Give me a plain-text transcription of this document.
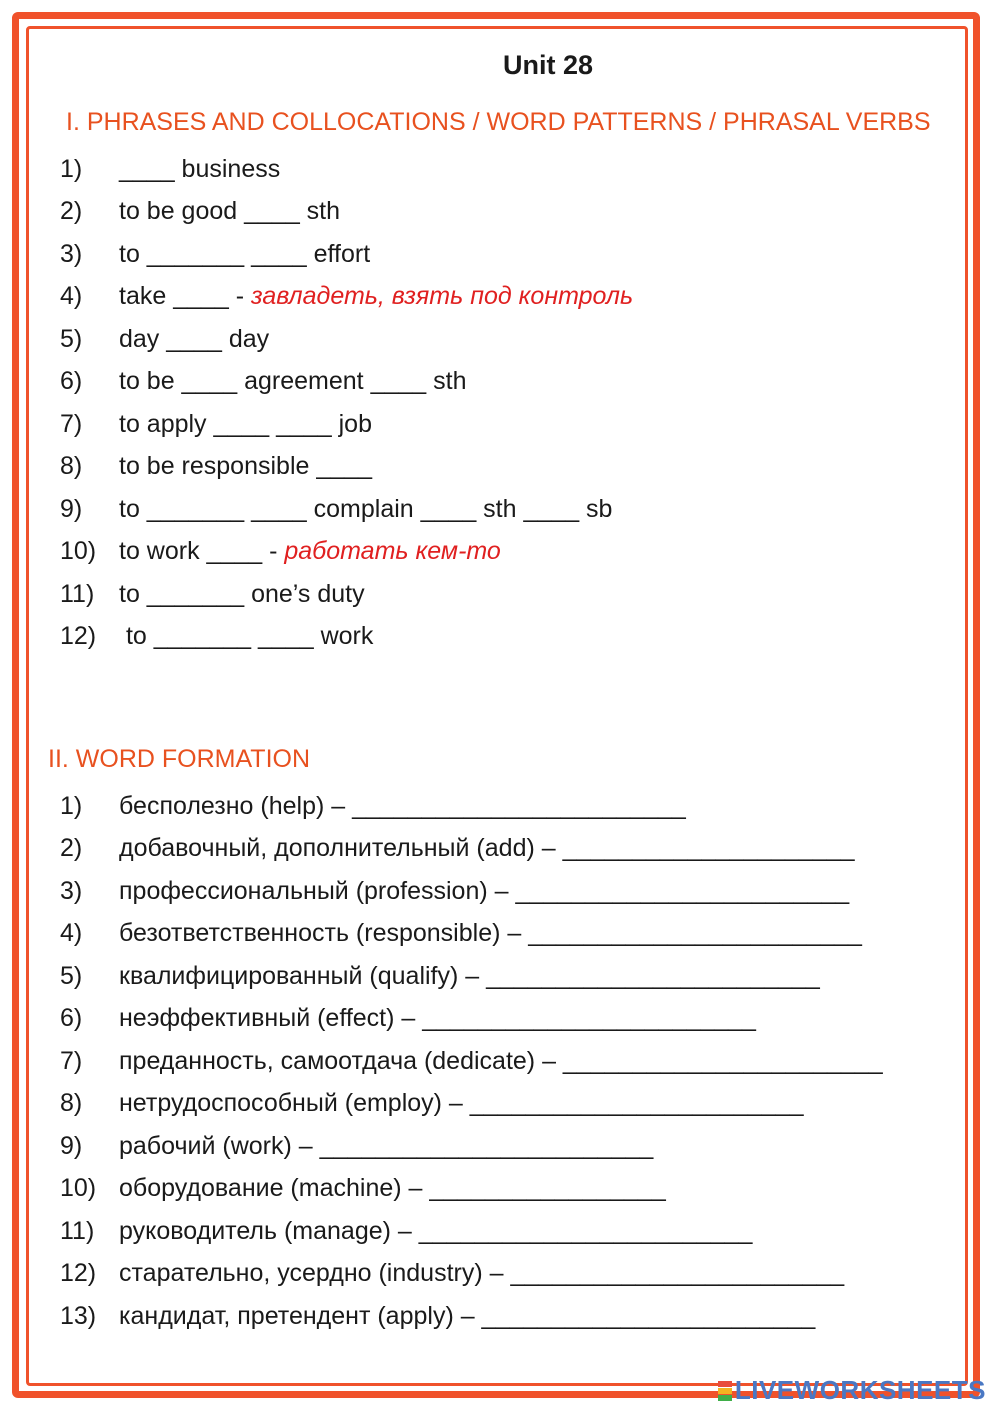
Unit 28
I. PHRASES AND COLLOCATIONS / WORD PATTERNS / PHRASAL VERBS
1)	____ business
2)	to be good ____ sth
3)	to _______ ____ effort
4)	take ____ - завладеть, взять под контроль
5)	day ____ day
6)	to be ____ agreement ____ sth
7)	to apply ____ ____ job
8)	to be responsible ____
9)	to _______ ____ complain ____ sth ____ sb
10) to work ____ - работать кем-то
11) to _______ one’s duty
12) to _______ ____ work
II. WORD FORMATION
1)	бесполезно (help) – ________________________
2)	добавочный, дополнительный (add) – _____________________
3)	профессиональный (profession) – ________________________
4)	безответственность (responsible) – ________________________
5)	квалифицированный (qualify) – ________________________
6)	неэффективный (effect) – ________________________
7)	преданность, самоотдача (dedicate) – _______________________
8)	нетрудоспособный (employ) – ________________________
9)	рабочий (work) – ________________________
10) оборудование (machine) – _________________
11) руководитель (manage) – ________________________
12) старательно, усердно (industry) – ________________________
13) кандидат, претендент (apply) – ________________________
LIVEWORKSHEETS
